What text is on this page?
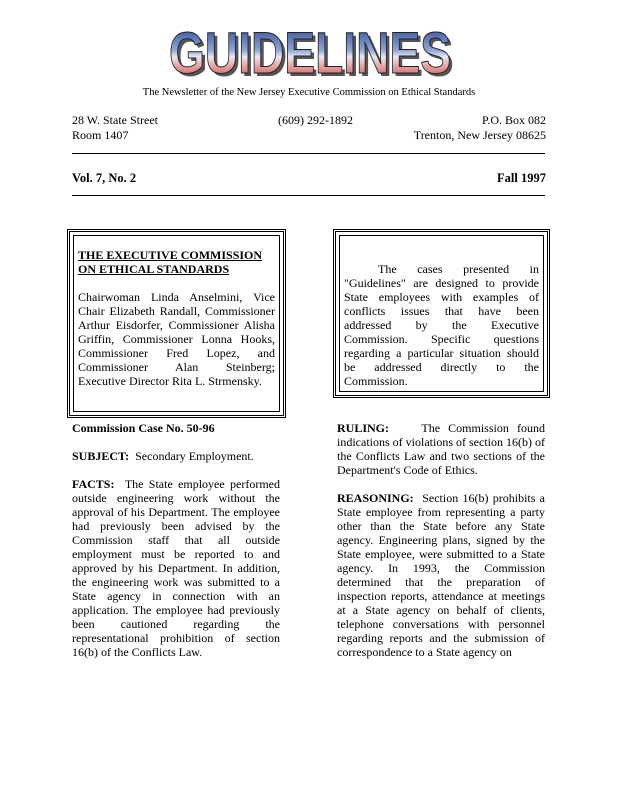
GUIDELINES
GUIDELINES
The Newsletter of the New Jersey Executive Commission on Ethical Standards
28 W. State Street
Room 1407
(609) 292-1892	P.O. Box 082
Trenton, New Jersey 08625
Vol. 7, No. 2	Fall 1997
THE EXECUTIVE COMMISSION ON ETHICAL STANDARDS
Chairwoman Linda Anselmini, Vice Chair Elizabeth Randall, Commissioner Arthur Eisdorfer, Commissioner Alisha Griffin, Commissioner Lonna Hooks, Commissioner Fred Lopez, and Commissioner Alan Steinberg; Executive Director Rita L. Strmensky.
The cases presented in "Guidelines" are designed to provide State employees with examples of conflicts issues that have been addressed by the Executive Commission. Specific questions regarding a particular situation should be addressed directly to the Commission.

Commission Case No. 50-96

SUBJECT: Secondary Employment.

FACTS: The State employee performed outside engineering work without the approval of his Department. The employee had previously been advised by the Commission staff that all outside employment must be reported to and approved by his Department. In addition, the engineering work was submitted to a State agency in connection with an application. The employee had previously been cautioned regarding the representational prohibition of section 16(b) of the Conflicts Law.

RULING:	The Commission found indications of violations of section 16(b) of the Conflicts Law and two sections of the Department's Code of Ethics.

REASONING: Section 16(b) prohibits a State employee from representing a party other than the State before any State agency. Engineering plans, signed by the State employee, were submitted to a State agency. In 1993, the Commission determined that the preparation of inspection reports, attendance at meetings at a State agency on behalf of clients, telephone conversations with personnel regarding reports and the submission of correspondence to a State agency on
